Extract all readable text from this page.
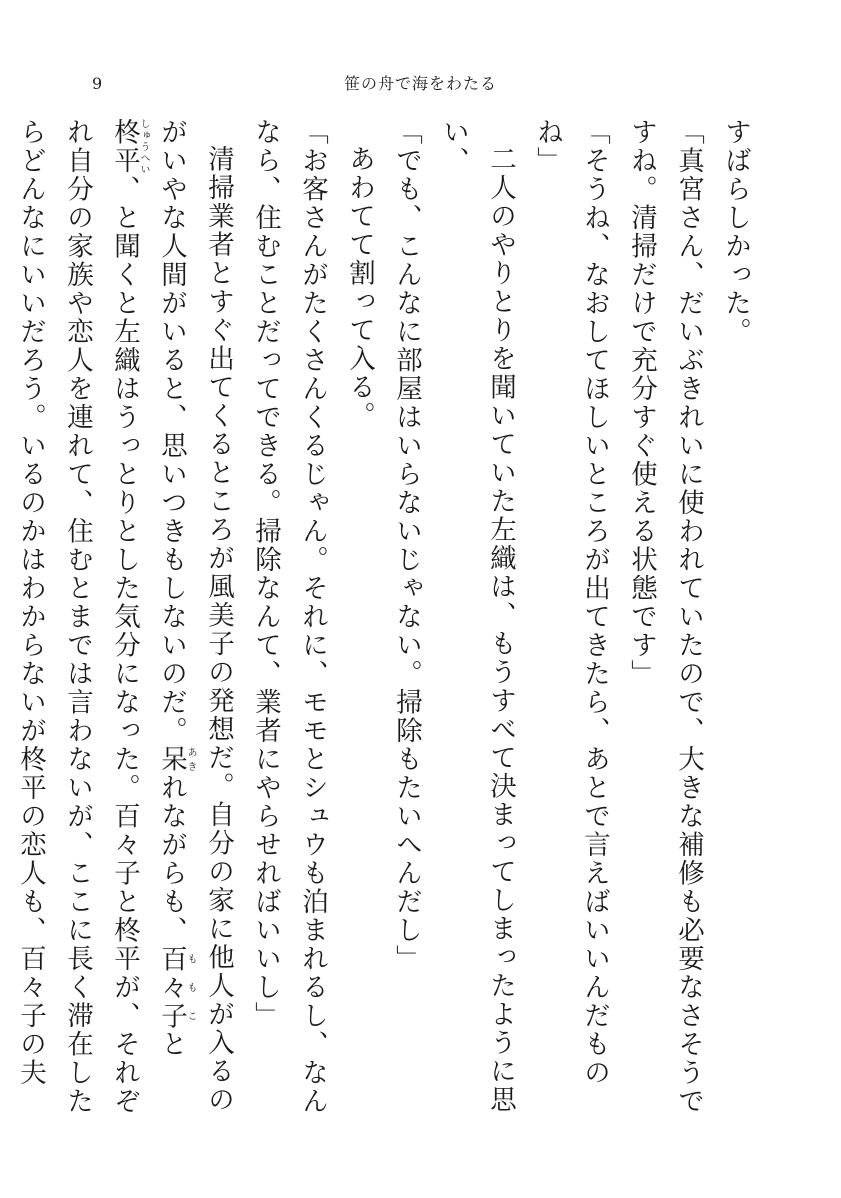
9	笹の舟で海をわたる

すばらしかった。

「真宮さん、だいぶきれいに使われていたので、大きな補修も必要なさそうですね。清掃だけで充分すぐ使える状態です」

「そうね、なおしてほしいところが出てきたら、あとで言えばいいんだものね」

二人のやりとりを聞いていた左織は、もうすべて決まってしまったように思い、

「でも、こんなに部屋はいらないじゃない。掃除もたいへんだし」

あわてて割って入る。

「お客さんがたくさんくるじゃん。それに、モモとシュウも泊まれるし、なんなら、住むことだってできる。掃除なんて、業者にやらせればいいし」

清掃業者とすぐ出てくるところが風美子の発想だ。自分の家に他人が入るのがいやな人間がいると、思いつきもしないのだ。呆あきれながらも、百々子ももこと柊平しゅうへい、と聞くと左織はうっとりとした気分になった。百々子と柊平が、それぞれ自分の家族や恋人を連れて、住むとまでは言わないが、ここに長く滞在したらどんなにいいだろう。いるのかはわからないが柊平の恋人も、百々子の夫
